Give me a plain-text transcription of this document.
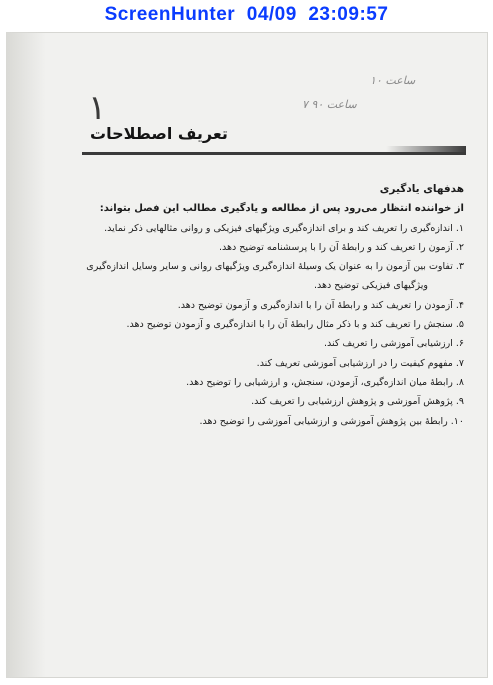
ScreenHunter  04/09  23:09:57
ساعت ۱۰
۷ ساعت ۹۰
۱
تعریف اصطلاحات
هدفهای یادگیری
از خواننده انتظار می‌رود پس از مطالعه و یادگیری مطالب این فصل بتواند:
۱. اندازه‌گیری را تعریف کند و برای اندازه‌گیری ویژگیهای فیزیکی و روانی مثالهایی ذکر نماید.
۲. آزمون را تعریف کند و رابطهٔ آن را با پرسشنامه توضیح دهد.
۳. تفاوت بین آزمون را به عنوان یک وسیلهٔ اندازه‌گیری ویژگیهای روانی و سایر وسایل اندازه‌گیری
ویژگیهای فیزیکی توضیح دهد.
۴. آزمودن را تعریف کند و رابطهٔ آن را با اندازه‌گیری و آزمون توضیح دهد.
۵. سنجش را تعریف کند و با ذکر مثال رابطهٔ آن را با اندازه‌گیری و آزمودن توضیح دهد.
۶. ارزشیابی آموزشی را تعریف کند.
۷. مفهوم کیفیت را در ارزشیابی آموزشی تعریف کند.
۸. رابطهٔ میان اندازه‌گیری، آزمودن، سنجش، و ارزشیابی را توضیح دهد.
۹. پژوهش آموزشی و پژوهش ارزشیابی را تعریف کند.
۱۰. رابطهٔ بین پژوهش آموزشی و ارزشیابی آموزشی را توضیح دهد.
